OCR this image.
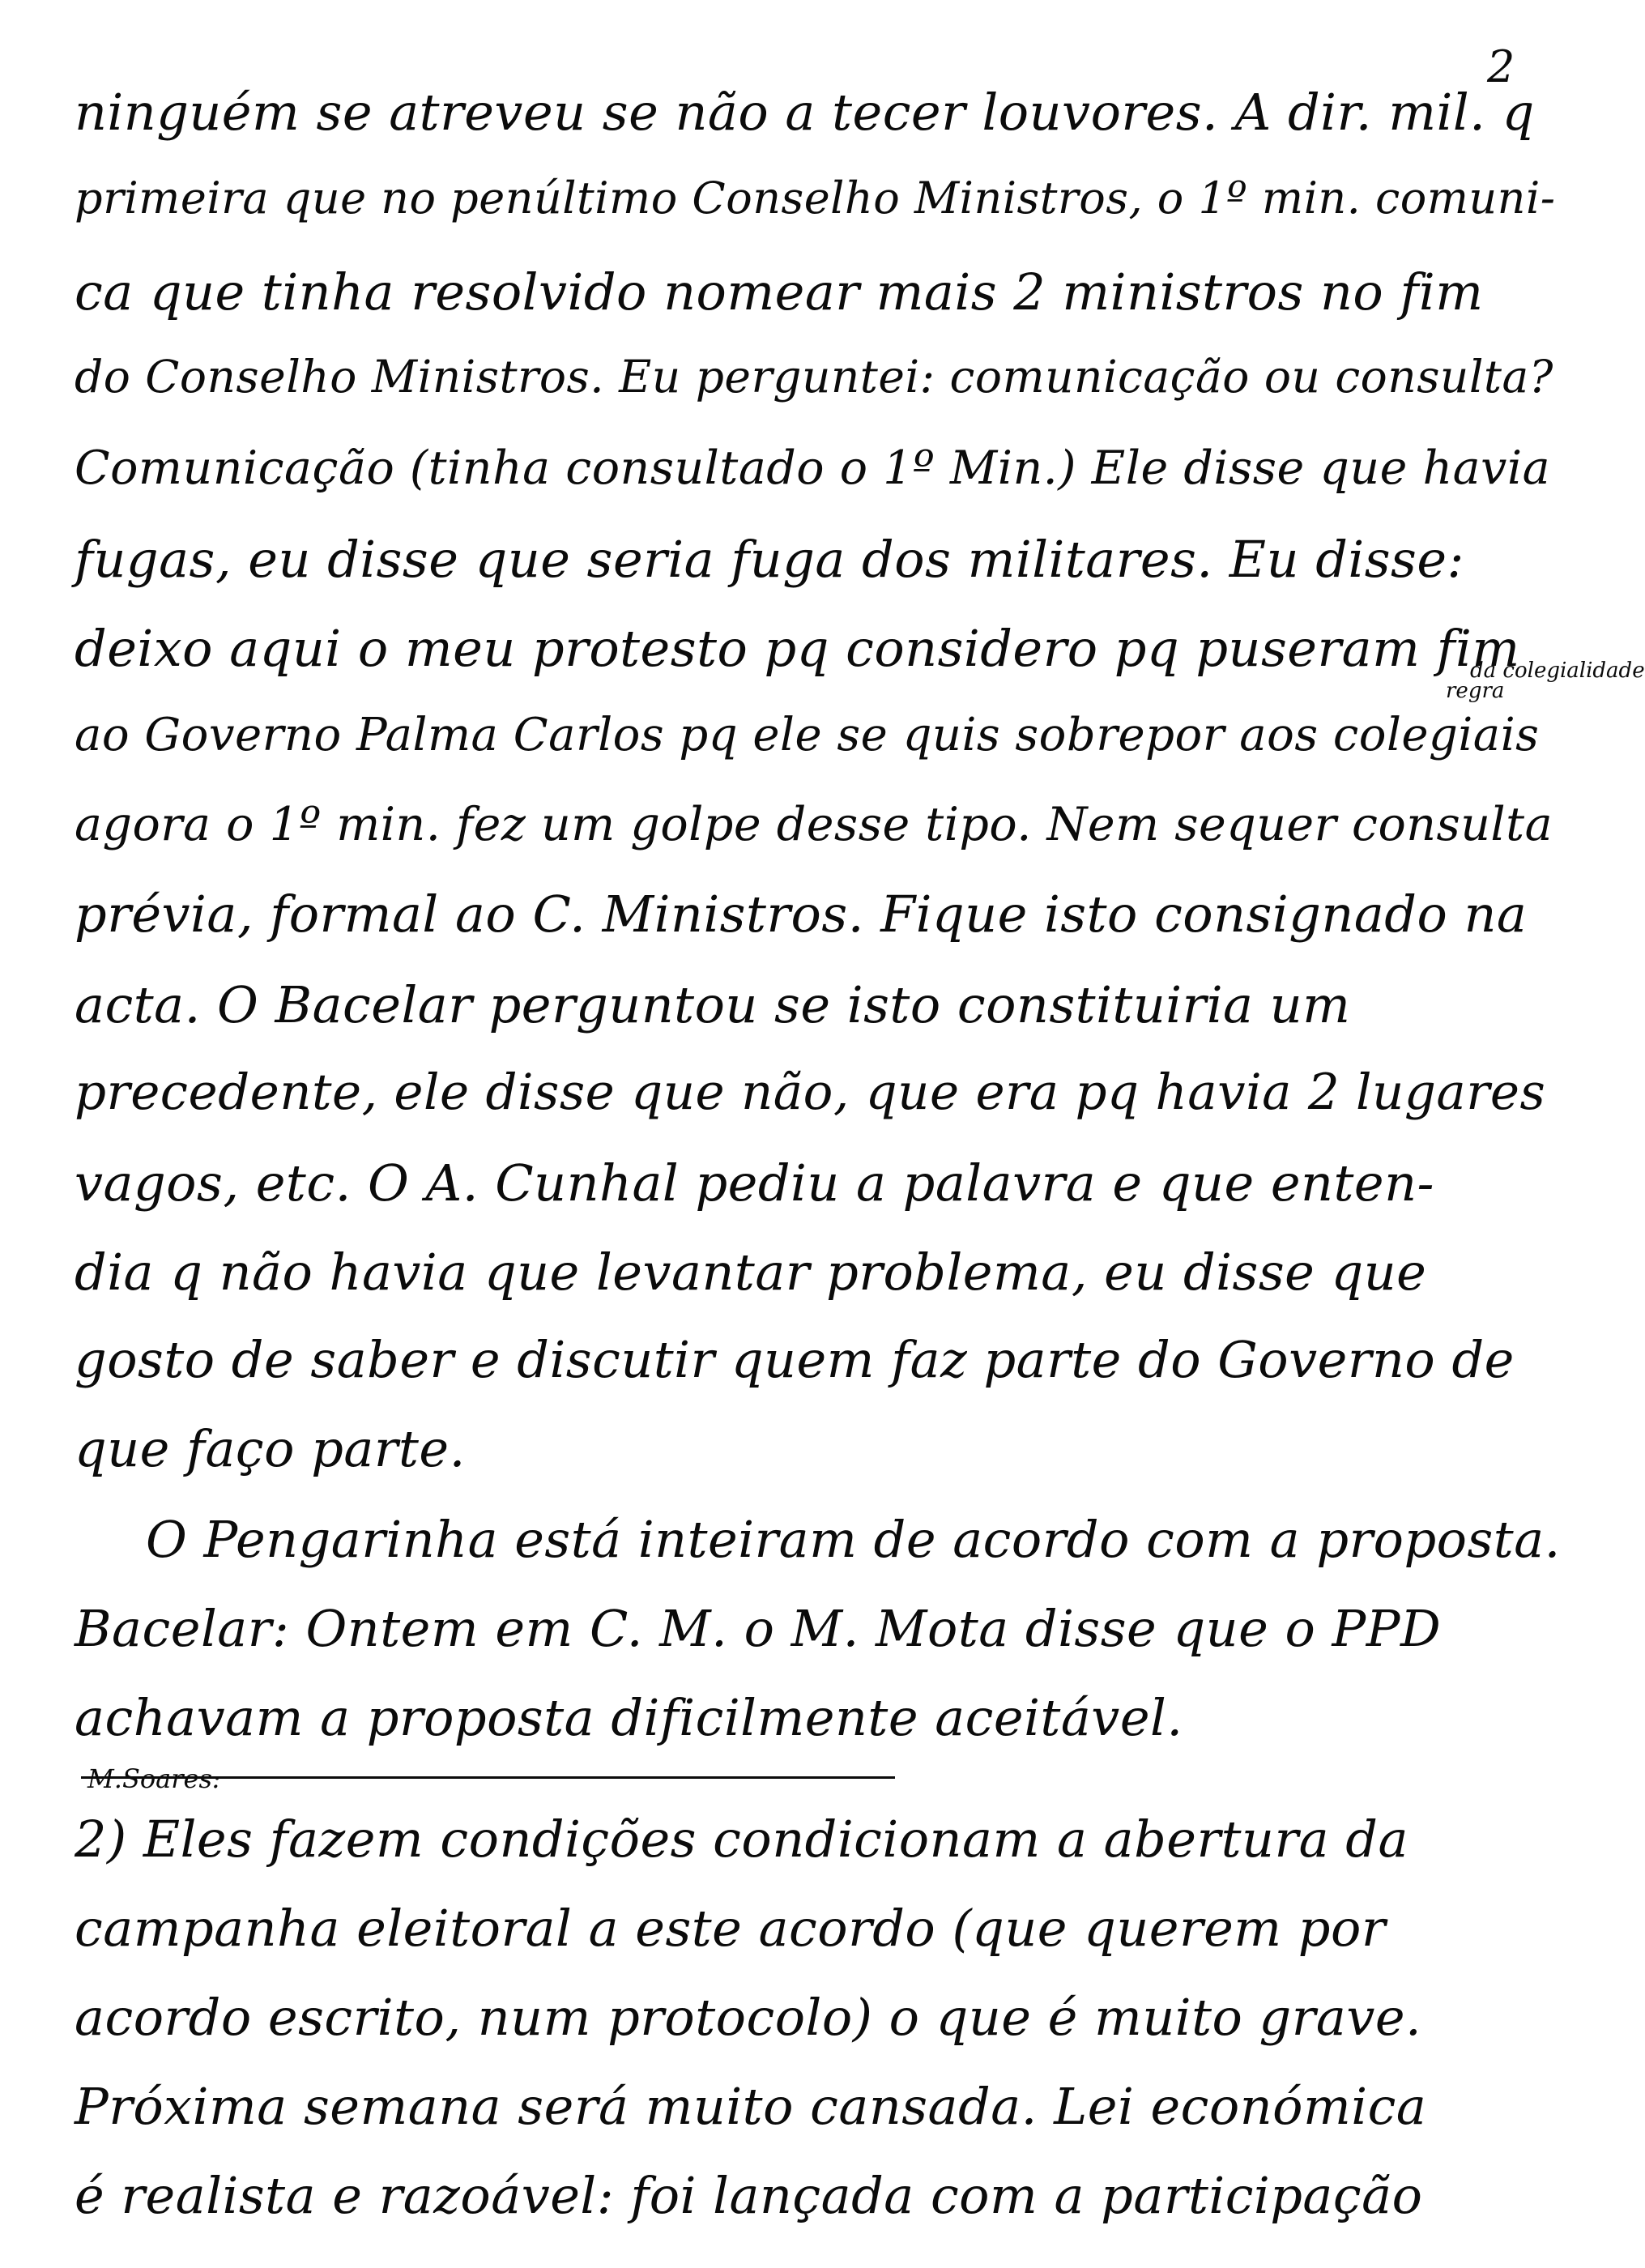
2
ninguém se atreveu se não a tecer louvores. A dir. mil. q
primeira que no penúltimo Conselho Ministros, o 1º min. comuni-
ca que tinha resolvido nomear mais 2 ministros no fim
do Conselho Ministros. Eu perguntei: comunicação ou consulta?
Comunicação (tinha consultado o 1º Min.) Ele disse que havia
fugas, eu disse que seria fuga dos militares. Eu disse:
deixo aqui o meu protesto pq considero pq puseram fim
ao Governo Palma Carlos pq ele se quis sobrepor aos colegiais
agora o 1º min. fez um golpe desse tipo. Nem sequer consulta
prévia, formal ao C. Ministros. Fique isto consignado na
acta. O Bacelar perguntou se isto constituiria um
precedente, ele disse que não, que era pq havia 2 lugares
vagos, etc. O A. Cunhal pediu a palavra e que enten-
dia q não havia que levantar problema, eu disse que
gosto de saber e discutir quem faz parte do Governo de
que faço parte.
O Pengarinha está inteiram de acordo com a proposta.
Bacelar: Ontem em C. M. o M. Mota disse que o PPD
achavam a proposta dificilmente aceitável.
2) Eles fazem condições condicionam a abertura da
campanha eleitoral a este acordo (que querem por
acordo escrito, num protocolo) o que é muito grave.
Próxima semana será muito cansada. Lei económica
é realista e razoável: foi lançada com a participação
da colegialidade
regra
M.Soares:
